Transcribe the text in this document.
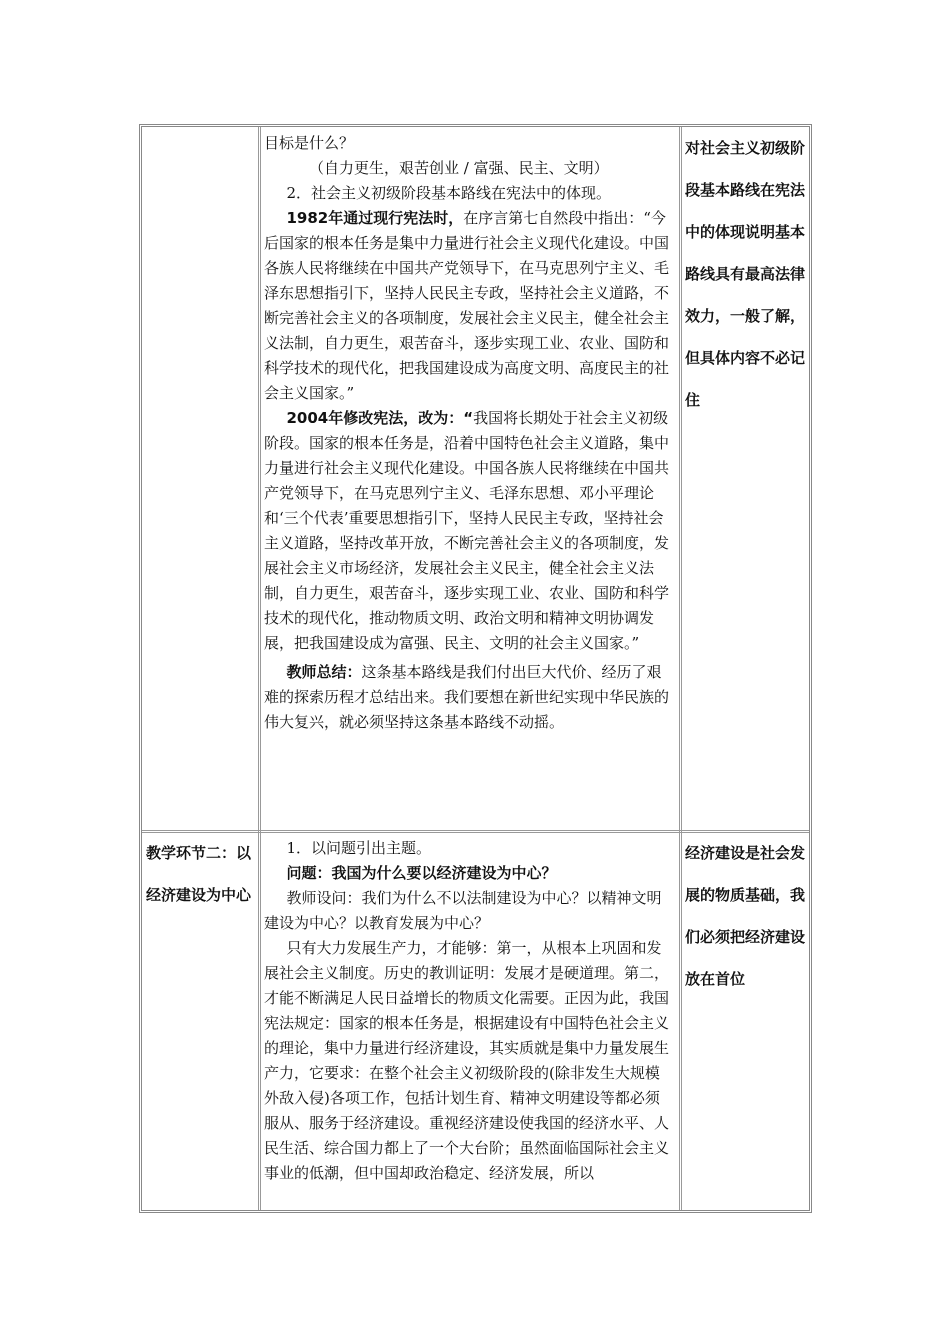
目标是什么？

（自力更生，艰苦创业 / 富强、民主、文明）

2．社会主义初级阶段基本路线在宪法中的体现。

1982年通过现行宪法时，在序言第七自然段中指出：“今后国家的根本任务是集中力量进行社会主义现代化建设。中国各族人民将继续在中国共产党领导下，在马克思列宁主义、毛泽东思想指引下，坚持人民民主专政，坚持社会主义道路，不断完善社会主义的各项制度，发展社会主义民主，健全社会主义法制，自力更生，艰苦奋斗，逐步实现工业、农业、国防和科学技术的现代化，把我国建设成为高度文明、高度民主的社会主义国家。”

2004年修改宪法，改为：“我国将长期处于社会主义初级阶段。国家的根本任务是，沿着中国特色社会主义道路，集中力量进行社会主义现代化建设。中国各族人民将继续在中国共产党领导下，在马克思列宁主义、毛泽东思想、邓小平理论和‘三个代表’重要思想指引下，坚持人民民主专政，坚持社会主义道路，坚持改革开放，不断完善社会主义的各项制度，发展社会主义市场经济，发展社会主义民主，健全社会主义法制，自力更生，艰苦奋斗，逐步实现工业、农业、国防和科学技术的现代化，推动物质文明、政治文明和精神文明协调发展，把我国建设成为富强、民主、文明的社会主义国家。”

教师总结：这条基本路线是我们付出巨大代价、经历了艰难的探索历程才总结出来。我们要想在新世纪实现中华民族的伟大复兴，就必须坚持这条基本路线不动摇。

对社会主义初级阶段基本路线在宪法中的体现说明基本路线具有最高法律效力，一般了解，但具体内容不必记住
教学环节二：以经济建设为中心

1．以问题引出主题。

问题：我国为什么要以经济建设为中心？

教师设问：我们为什么不以法制建设为中心？以精神文明建设为中心？以教育发展为中心？

只有大力发展生产力，才能够：第一，从根本上巩固和发展社会主义制度。历史的教训证明：发展才是硬道理。第二，才能不断满足人民日益增长的物质文化需要。正因为此，我国宪法规定：国家的根本任务是，根据建设有中国特色社会主义的理论，集中力量进行经济建设，其实质就是集中力量发展生产力，它要求：在整个社会主义初级阶段的(除非发生大规模外敌入侵)各项工作，包括计划生育、精神文明建设等都必须服从、服务于经济建设。重视经济建设使我国的经济水平、人民生活、综合国力都上了一个大台阶；虽然面临国际社会主义事业的低潮，但中国却政治稳定、经济发展，所以

经济建设是社会发展的物质基础，我们必须把经济建设放在首位
